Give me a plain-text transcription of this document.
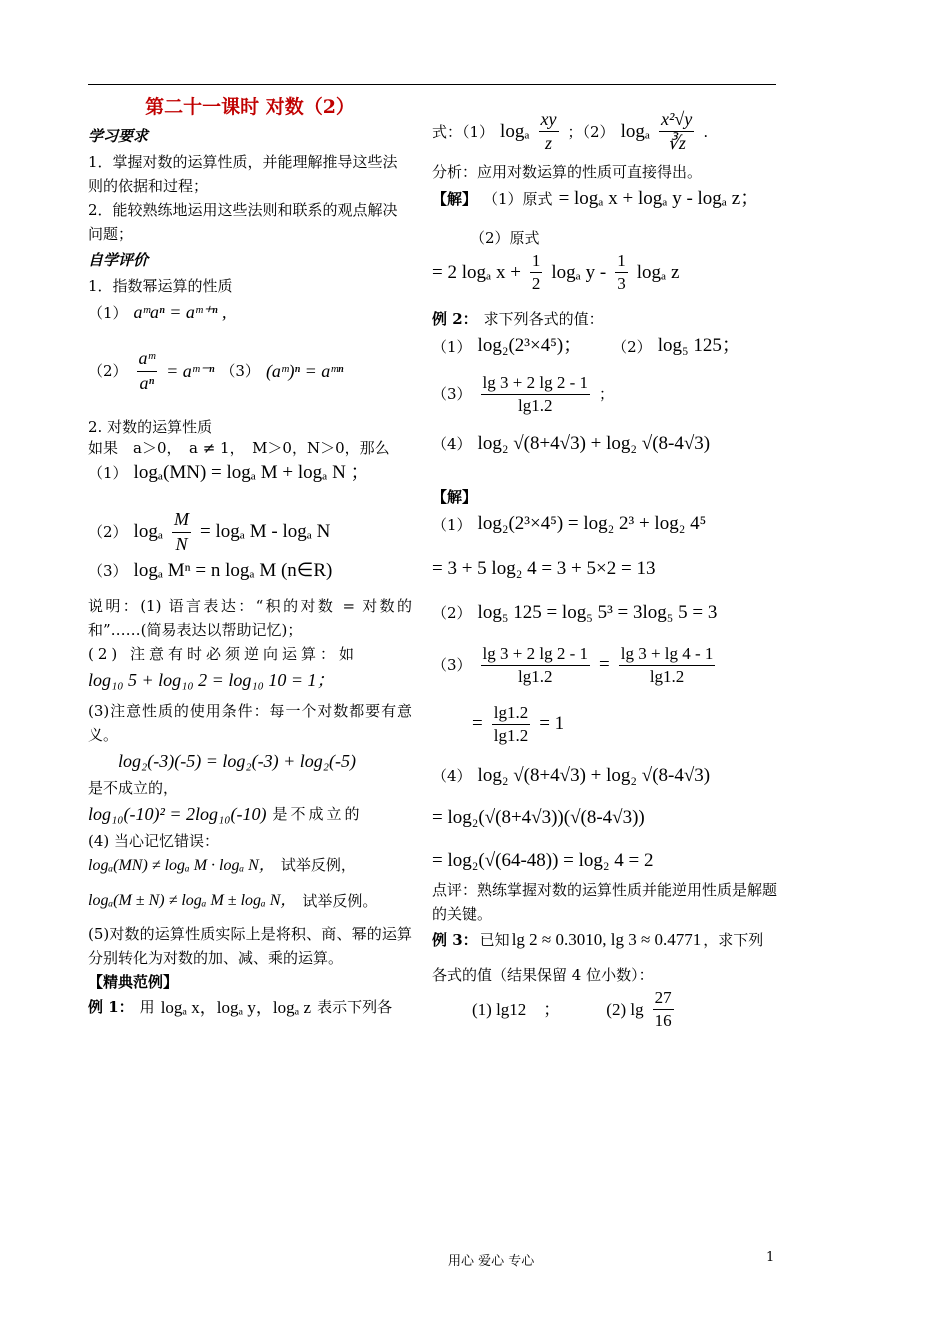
第二十一课时 对数（2）
学习要求

1．掌握对数的运算性质，并能理解推导这些法则的依据和过程；

2．能较熟练地运用这些法则和联系的观点解决问题；

自学评价

1．指数幂运算的性质

（1） aᵐaⁿ = aᵐ⁺ⁿ ,
$(2) \frac{\text{aᵐ}}{\text{aⁿ}}$ = aᵐ⁻ⁿ （3） (aᵐ)ⁿ = aᵐⁿ

2. 对数的运算性质

如果　a＞0，　a ≠ 1，　M＞0，N＞0，那么

（1） logₐ(MN) = logₐ M + logₐ N ；
（2） logₐ $\frac{M}{N} = \log_a$ M - logₐ N
（3） logₐ Mⁿ = n logₐ M (n∈R)

说明：(1) 语言表达：“积的对数 = 对数的和”……(简易表达以帮助记忆)；

(2) 注意有时必须逆向运算：如

log₁₀ 5 + log₁₀ 2 = log₁₀ 10 = 1；

(3)注意性质的使用条件：每一个对数都要有意义。

log₂(-3)(-5) = log₂(-3) + log₂(-5)

是不成立的，

log₁₀(-10)² = 2log₁₀(-10) 是不成立的

(4) 当心记忆错误：

logₐ(MN) ≠ logₐ M · logₐ N， 试举反例，
logₐ(M ± N) ≠ logₐ M ± logₐ N， 试举反例。

(5)对数的运算性质实际上是将积、商、幂的运算分别转化为对数的加、减、乘的运算。

【精典范例】

例 1： 用 logₐ x，logₐ y，logₐ z 表示下列各
式：（1） logₐ $\frac{xy}{z}$ ；（2） logₐ $\frac{\text{x²√y}}{∛z}$ .

分析：应用对数运算的性质可直接得出。

【解】 （1）原式 = logₐ x + logₐ y - logₐ z；

（2）原式

= 2 logₐ $x + \frac{1}{2}$ logₐ y - $\frac{1}{3}$ logₐ z
例 2： 求下列各式的值：
（1） log₂(2³×4⁵)； （2） log₅ 125；
$(3) \frac{\lg 3 + 2 \lg 2 - 1}{\lg 1.2}$ ；
（4） log₂ √(8+4√3) + log₂ √(8-4√3)

【解】

（1） log₂(2³×4⁵) = log₂ 2³ + log₂ 4⁵

= 3 + 5 log₂ 4 = 3 + 5×2 = 13

（2） log₅ 125 = log₅ 5³ = 3log₅ 5 = 3
$(3) \frac{\lg 3 + 2 \lg 2 - 1}{\lg 1.2} = \frac{\lg 3 + \lg 4 - 1}{\lg 1.2}$
= $\frac{\lg 1.2}{\lg 1.2} = 1$
（4） log₂ √(8+4√3) + log₂ √(8-4√3)

= log₂(√(8+4√3))(√(8-4√3))

= log₂(√(64-48)) = log₂ 4 = 2

点评：熟练掌握对数的运算性质并能逆用性质是解题的关键。

例 3： 已知 lg 2 ≈ 0.3010, lg 3 ≈ 0.4771 ，求下列

各式的值（结果保留 4 位小数）：

(1) lg12　；	(2) $\lg \frac{27}{16}$
用心 爱心 专心	1
